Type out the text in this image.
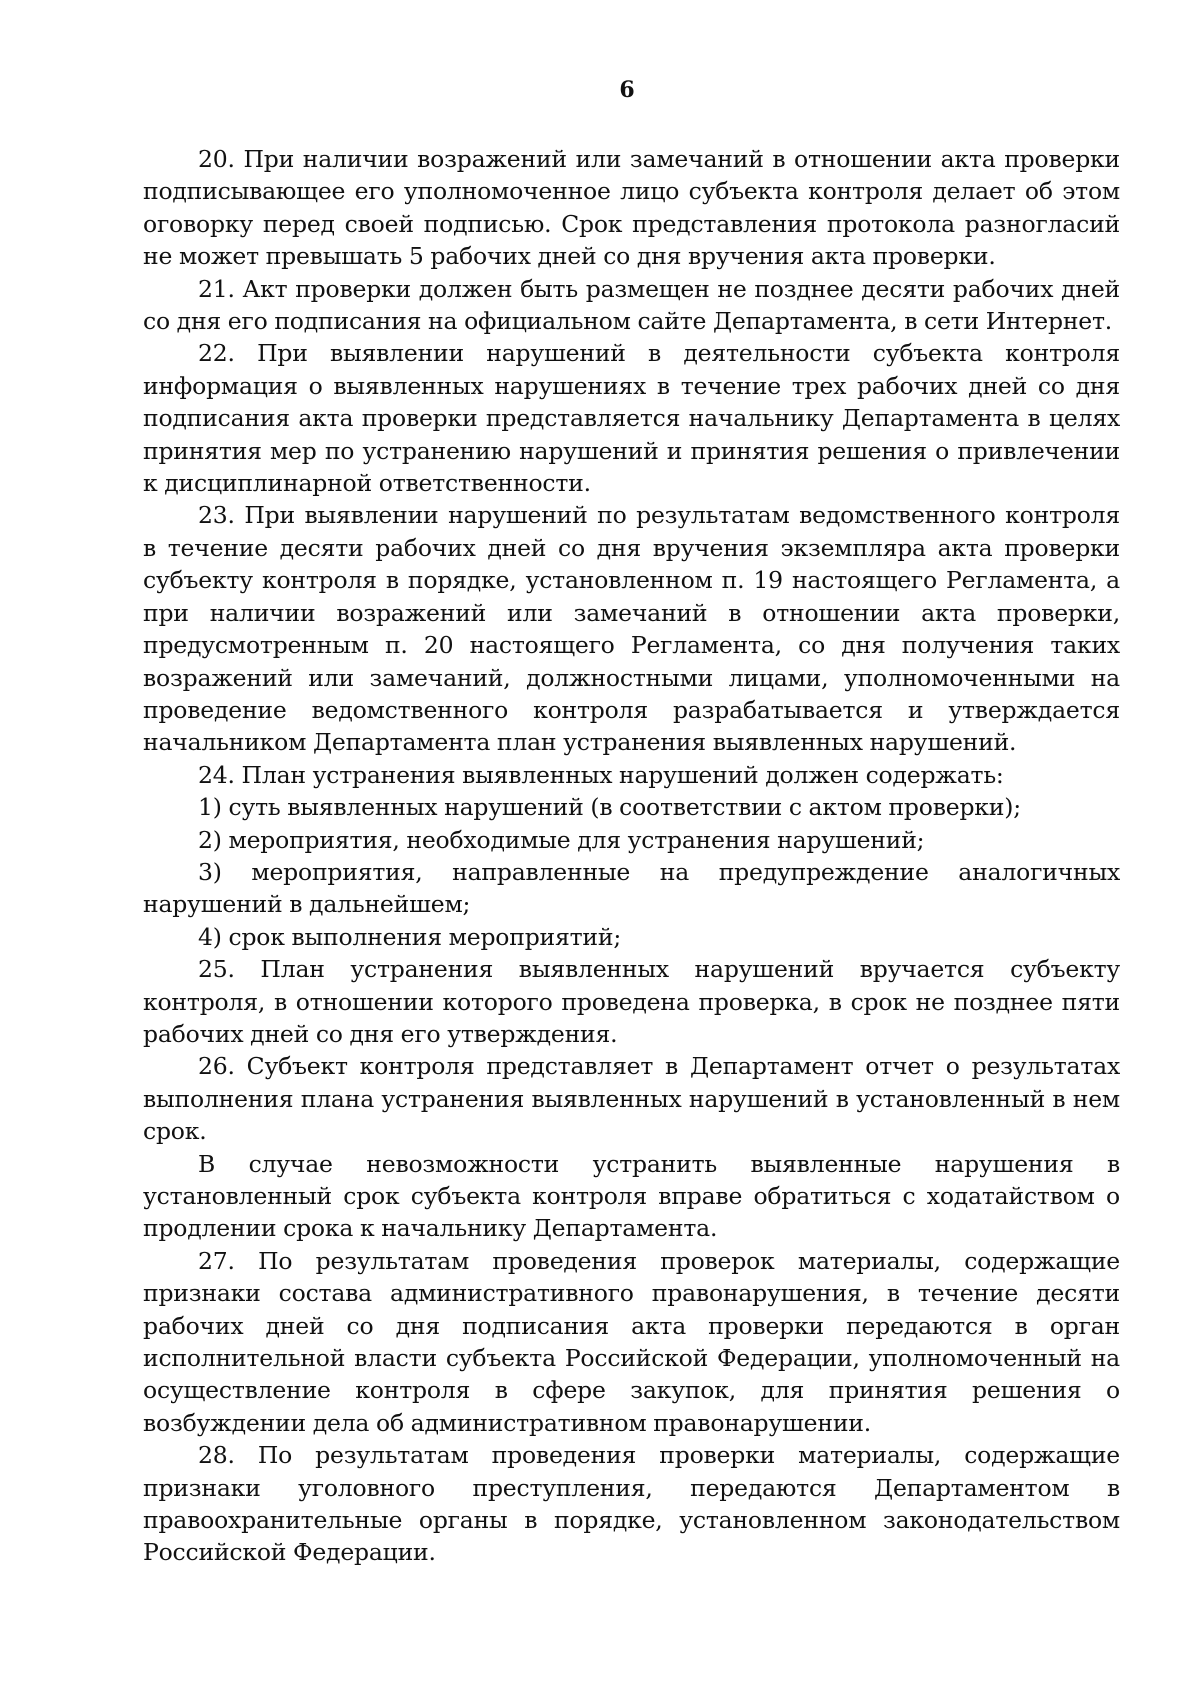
6

20. При наличии возражений или замечаний в отношении акта проверки подписывающее его уполномоченное лицо субъекта контроля делает об этом оговорку перед своей подписью. Срок представления протокола разногласий не может превышать 5 рабочих дней со дня вручения акта проверки.

21. Акт проверки должен быть размещен не позднее десяти рабочих дней со дня его подписания на официальном сайте Департамента, в сети Интернет.

22. При выявлении нарушений в деятельности субъекта контроля информация о выявленных нарушениях в течение трех рабочих дней со дня подписания акта проверки представляется начальнику Департамента в целях принятия мер по устранению нарушений и принятия решения о привлечении к дисциплинарной ответственности.

23. При выявлении нарушений по результатам ведомственного контроля в течение десяти рабочих дней со дня вручения экземпляра акта проверки субъекту контроля в порядке, установленном п. 19 настоящего Регламента, а при наличии возражений или замечаний в отношении акта проверки, предусмотренным п. 20 настоящего Регламента, со дня получения таких возражений или замечаний, должностными лицами, уполномоченными на проведение ведомственного контроля разрабатывается и утверждается начальником Департамента план устранения выявленных нарушений.

24. План устранения выявленных нарушений должен содержать:

1) суть выявленных нарушений (в соответствии с актом проверки);

2) мероприятия, необходимые для устранения нарушений;

3) мероприятия, направленные на предупреждение аналогичных нарушений в дальнейшем;

4) срок выполнения мероприятий;

25. План устранения выявленных нарушений вручается субъекту контроля, в отношении которого проведена проверка, в срок не позднее пяти рабочих дней со дня его утверждения.

26. Субъект контроля представляет в Департамент отчет о результатах выполнения плана устранения выявленных нарушений в установленный в нем срок.

В случае невозможности устранить выявленные нарушения в установленный срок субъекта контроля вправе обратиться с ходатайством о продлении срока к начальнику Департамента.

27. По результатам проведения проверок материалы, содержащие признаки состава административного правонарушения, в течение десяти рабочих дней со дня подписания акта проверки передаются в орган исполнительной власти субъекта Российской Федерации, уполномоченный на осуществление контроля в сфере закупок, для принятия решения о возбуждении дела об административном правонарушении.

28. По результатам проведения проверки материалы, содержащие признаки уголовного преступления, передаются Департаментом в правоохранительные органы в порядке, установленном законодательством Российской Федерации.
